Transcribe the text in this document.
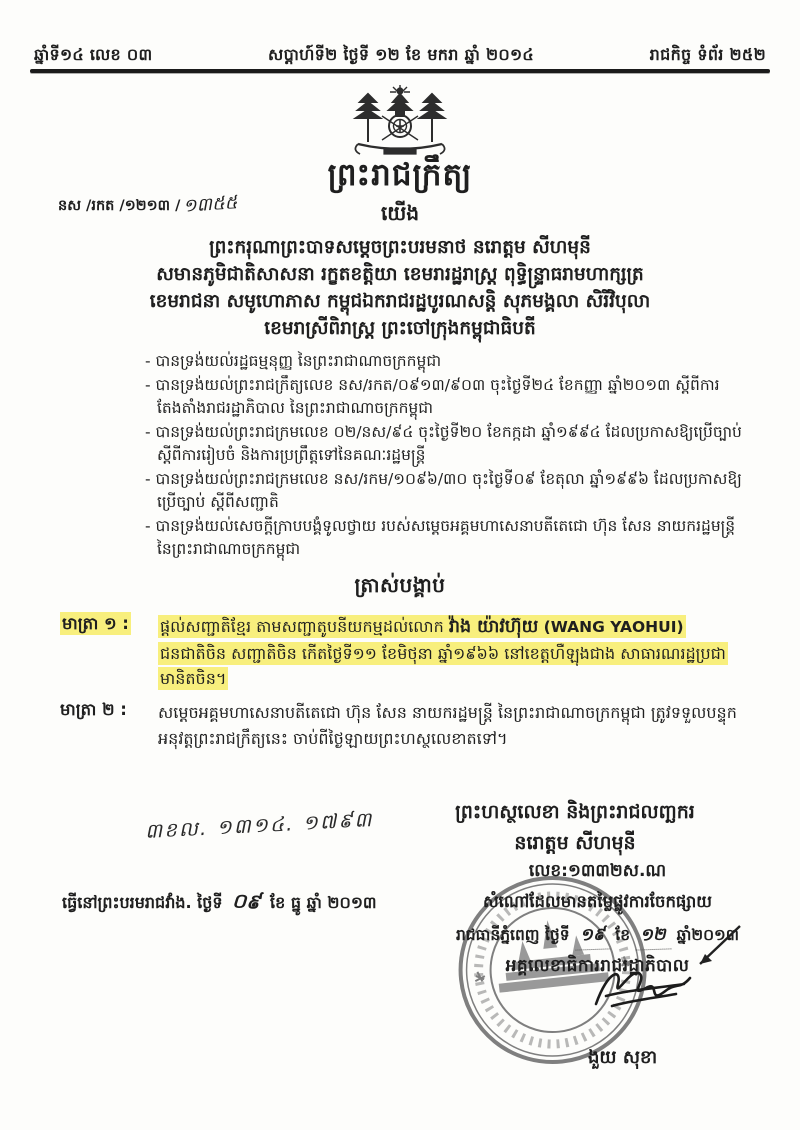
ឆ្នាំទី១៤ លេខ ០៣	សប្តាហ៍ទី២ ថ្ងៃទី ១២ ខែ មករា ឆ្នាំ ២០១៤	រាជកិច្ច ទំព័រ ២៥២
នស /រកត /១២១៣ / ១៣៥៥
ព្រះរាជក្រឹត្យ
យើង
ព្រះករុណាព្រះបាទសម្តេចព្រះបរមនាថ នរោត្តម សីហមុនី
សមានភូមិជាតិសាសនា រក្ខតខត្តិយា ខេមរារដ្ឋរាស្ត្រ ពុទ្ធិន្ទ្រាធរាមហាក្សត្រ
ខេមរាជនា សមូហោភាស កម្ពុជឯករាជរដ្ឋបូរណសន្តិ សុភមង្គលា សិរីវិបុលា
ខេមរាស្រីពិរាស្ត្រ ព្រះចៅក្រុងកម្ពុជាធិបតី
- បានទ្រង់យល់រដ្ឋធម្មនុញ្ញ នៃព្រះរាជាណាចក្រកម្ពុជា
- បានទ្រង់យល់ព្រះរាជក្រឹត្យលេខ នស/រកត/០៩១៣/៩០៣ ចុះថ្ងៃទី២៤ ខែកញ្ញា ឆ្នាំ២០១៣ ស្តីពីការតែងតាំងរាជរដ្ឋាភិបាល នៃព្រះរាជាណាចក្រកម្ពុជា
- បានទ្រង់យល់ព្រះរាជក្រមលេខ ០២/នស/៩៤ ចុះថ្ងៃទី២០ ខែកក្កដា ឆ្នាំ១៩៩៤ ដែលប្រកាសឱ្យប្រើច្បាប់ស្តីពីការរៀបចំ និងការប្រព្រឹត្តទៅនៃគណៈរដ្ឋមន្ត្រី
- បានទ្រង់យល់ព្រះរាជក្រមលេខ នស/រកម/១០៩៦/៣០ ចុះថ្ងៃទី០៩ ខែតុលា ឆ្នាំ១៩៩៦ ដែលប្រកាសឱ្យប្រើច្បាប់ ស្តីពីសញ្ជាតិ
- បានទ្រង់យល់សេចក្តីក្រាបបង្គំទូលថ្វាយ របស់សម្តេចអគ្គមហាសេនាបតីតេជោ ហ៊ុន សែន នាយករដ្ឋមន្ត្រី នៃព្រះរាជាណាចក្រកម្ពុជា
ត្រាស់បង្គាប់
មាត្រា ១ :	ផ្តល់សញ្ជាតិខ្មែរ តាមសញ្ជាតូបនីយកម្មដល់លោក វ៉ាង យ៉ាវហ៊ុយ (WANG YAOHUI) ជនជាតិចិន សញ្ជាតិចិន កើតថ្ងៃទី១១ ខែមិថុនា ឆ្នាំ១៩៦៦ នៅខេត្តហឺឡុងជាង សាធារណរដ្ឋប្រជាមានិតចិន។
មាត្រា ២ :	សម្តេចអគ្គមហាសេនាបតីតេជោ ហ៊ុន សែន នាយករដ្ឋមន្ត្រី នៃព្រះរាជាណាចក្រកម្ពុជា ត្រូវទទួលបន្ទុកអនុវត្តព្រះរាជក្រឹត្យនេះ ចាប់ពីថ្ងៃឡាយព្រះហស្ថលេខាតទៅ។
៣ខល. ១៣១៤. ១៧៩៣	ព្រះហស្ថលេខា និងព្រះរាជលញ្ឆករ
នរោត្តម សីហមុនី
ធ្វើនៅព្រះបរមរាជវាំង. ថ្ងៃទី ០៩ ខែ ធ្នូ ឆ្នាំ ២០១៣
លេខ:១៣៣២ស.ណ
សំណៅដែលមានតម្លៃផ្លូវការចែកផ្សាយ
រាជធានីភ្នំពេញ ថ្ងៃទី ១៩ ខែ ១២ ឆ្នាំ២០១៣
អគ្គលេខាធិការរាជរដ្ឋាភិបាល
ងួយ សុខា
